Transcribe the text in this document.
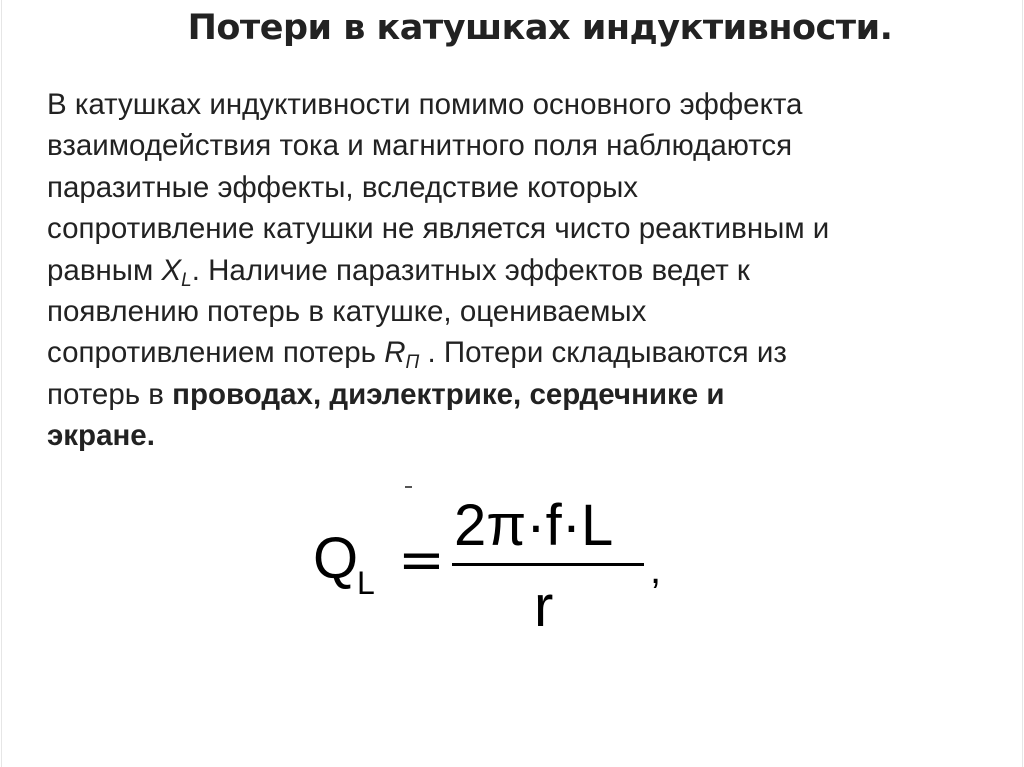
Потери в катушках индуктивности.
В катушках индуктивности помимо основного эффекта
взаимодействия тока и магнитного поля наблюдаются
паразитные эффекты, вследствие которых
сопротивление катушки не является чисто реактивным и
равным $X_L$. Наличие паразитных эффектов ведет к
появлению потерь в катушке, оцениваемых
сопротивлением потерь $R_П$ . Потери складываются из
потерь в проводах, диэлектрике, сердечнике и
экране.
Q
L =
2π·f·L
r
,
